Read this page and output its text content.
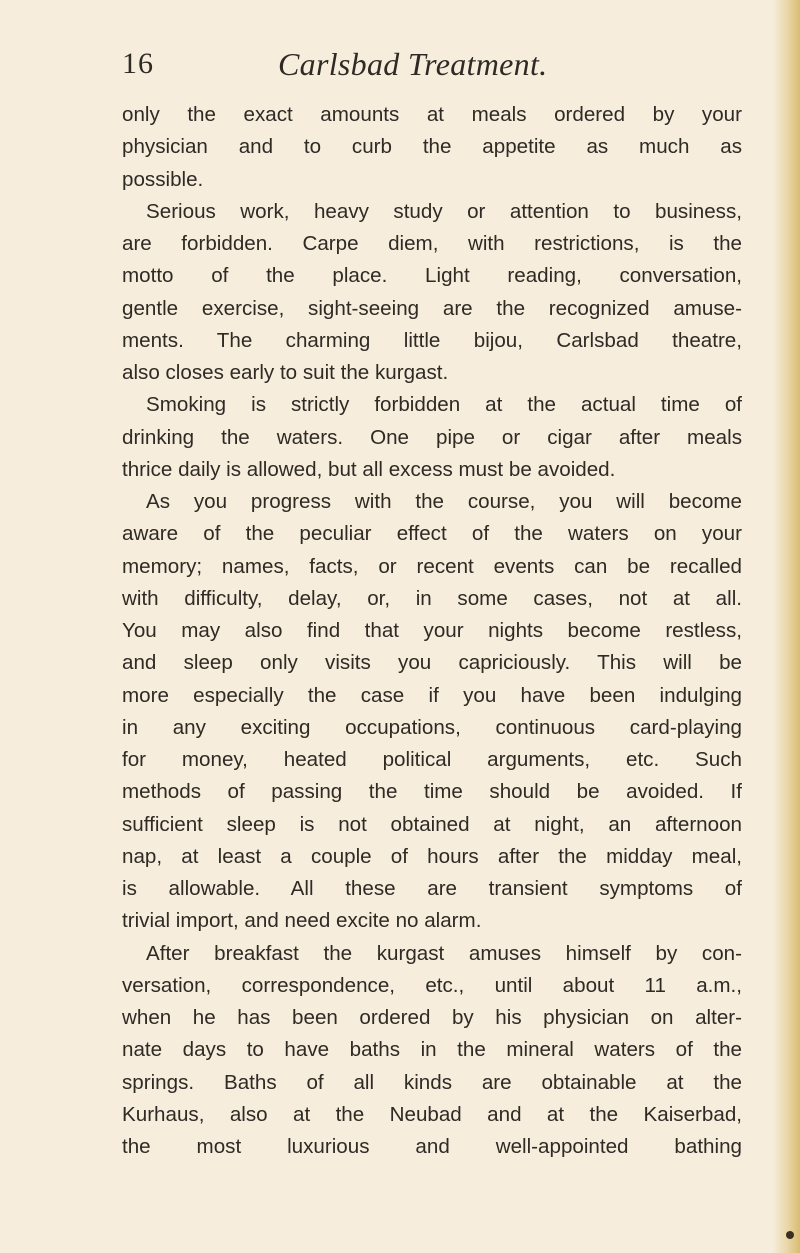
16	Carlsbad Treatment.
only the exact amounts at meals ordered by your
physician and to curb the appetite as much as
possible.
Serious work, heavy study or attention to business,
are forbidden. Carpe diem, with restrictions, is the
motto of the place. Light reading, conversation,
gentle exercise, sight-seeing are the recognized amuse-
ments. The charming little bijou, Carlsbad theatre,
also closes early to suit the kurgast.
Smoking is strictly forbidden at the actual time of
drinking the waters. One pipe or cigar after meals
thrice daily is allowed, but all excess must be avoided.
As you progress with the course, you will become
aware of the peculiar effect of the waters on your
memory; names, facts, or recent events can be recalled
with difficulty, delay, or, in some cases, not at all.
You may also find that your nights become restless,
and sleep only visits you capriciously. This will be
more especially the case if you have been indulging
in any exciting occupations, continuous card-playing
for money, heated political arguments, etc. Such
methods of passing the time should be avoided. If
sufficient sleep is not obtained at night, an afternoon
nap, at least a couple of hours after the midday meal,
is allowable. All these are transient symptoms of
trivial import, and need excite no alarm.
After breakfast the kurgast amuses himself by con-
versation, correspondence, etc., until about 11 a.m.,
when he has been ordered by his physician on alter-
nate days to have baths in the mineral waters of the
springs. Baths of all kinds are obtainable at the
Kurhaus, also at the Neubad and at the Kaiserbad,
the most luxurious and well-appointed bathing
